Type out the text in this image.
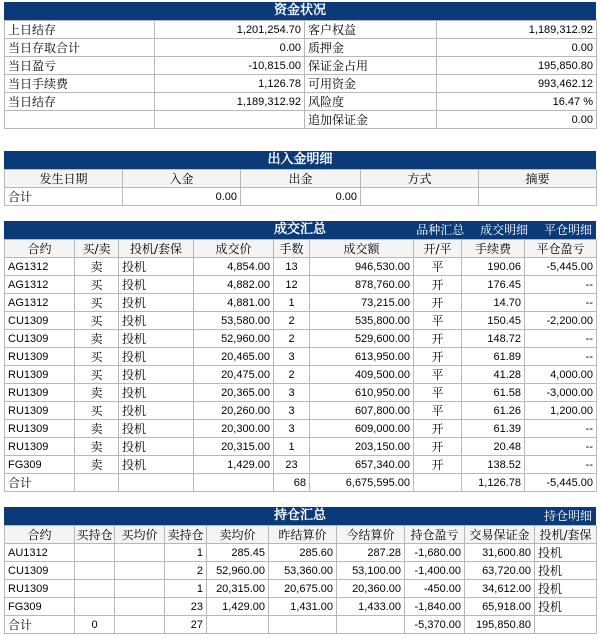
资金状况
上日结存	1,201,254.70	客户权益	1,189,312.92
当日存取合计	0.00	质押金	0.00
当日盈亏	-10,815.00	保证金占用	195,850.80
当日手续费	1,126.78	可用资金	993,462.12
当日结存	1,189,312.92	风险度	16.47 %
		追加保证金	0.00
出入金明细
发生日期	入金	出金	方式	摘要
合计	0.00	0.00		
成交汇总	品种汇总 成交明细 平仓明细
合约	买/卖	投机/套保	成交价	手数	成交额	开/平	手续费	平仓盈亏
AG1312	卖	投机	4,854.00	13	946,530.00	平	190.06	-5,445.00
AG1312	买	投机	4,882.00	12	878,760.00	开	176.45	--
AG1312	买	投机	4,881.00	1	73,215.00	开	14.70	--
CU1309	买	投机	53,580.00	2	535,800.00	平	150.45	-2,200.00
CU1309	卖	投机	52,960.00	2	529,600.00	开	148.72	--
RU1309	买	投机	20,465.00	3	613,950.00	开	61.89	--
RU1309	买	投机	20,475.00	2	409,500.00	平	41.28	4,000.00
RU1309	卖	投机	20,365.00	3	610,950.00	平	61.58	-3,000.00
RU1309	买	投机	20,260.00	3	607,800.00	平	61.26	1,200.00
RU1309	卖	投机	20,300.00	3	609,000.00	开	61.39	--
RU1309	卖	投机	20,315.00	1	203,150.00	开	20.48	--
FG309	卖	投机	1,429.00	23	657,340.00	开	138.52	--
合计				68	6,675,595.00		1,126.78	-5,445.00
持仓汇总	持仓明细
合约	买持仓	买均价	卖持仓	卖均价	昨结算价	今结算价	持仓盈亏	交易保证金	投机/套保
AU1312			1	285.45	285.60	287.28	-1,680.00	31,600.80	投机
CU1309			2	52,960.00	53,360.00	53,100.00	-1,400.00	63,720.00	投机
RU1309			1	20,315.00	20,675.00	20,360.00	-450.00	34,612.00	投机
FG309			23	1,429.00	1,431.00	1,433.00	-1,840.00	65,918.00	投机
合计	0		27				-5,370.00	195,850.80	
